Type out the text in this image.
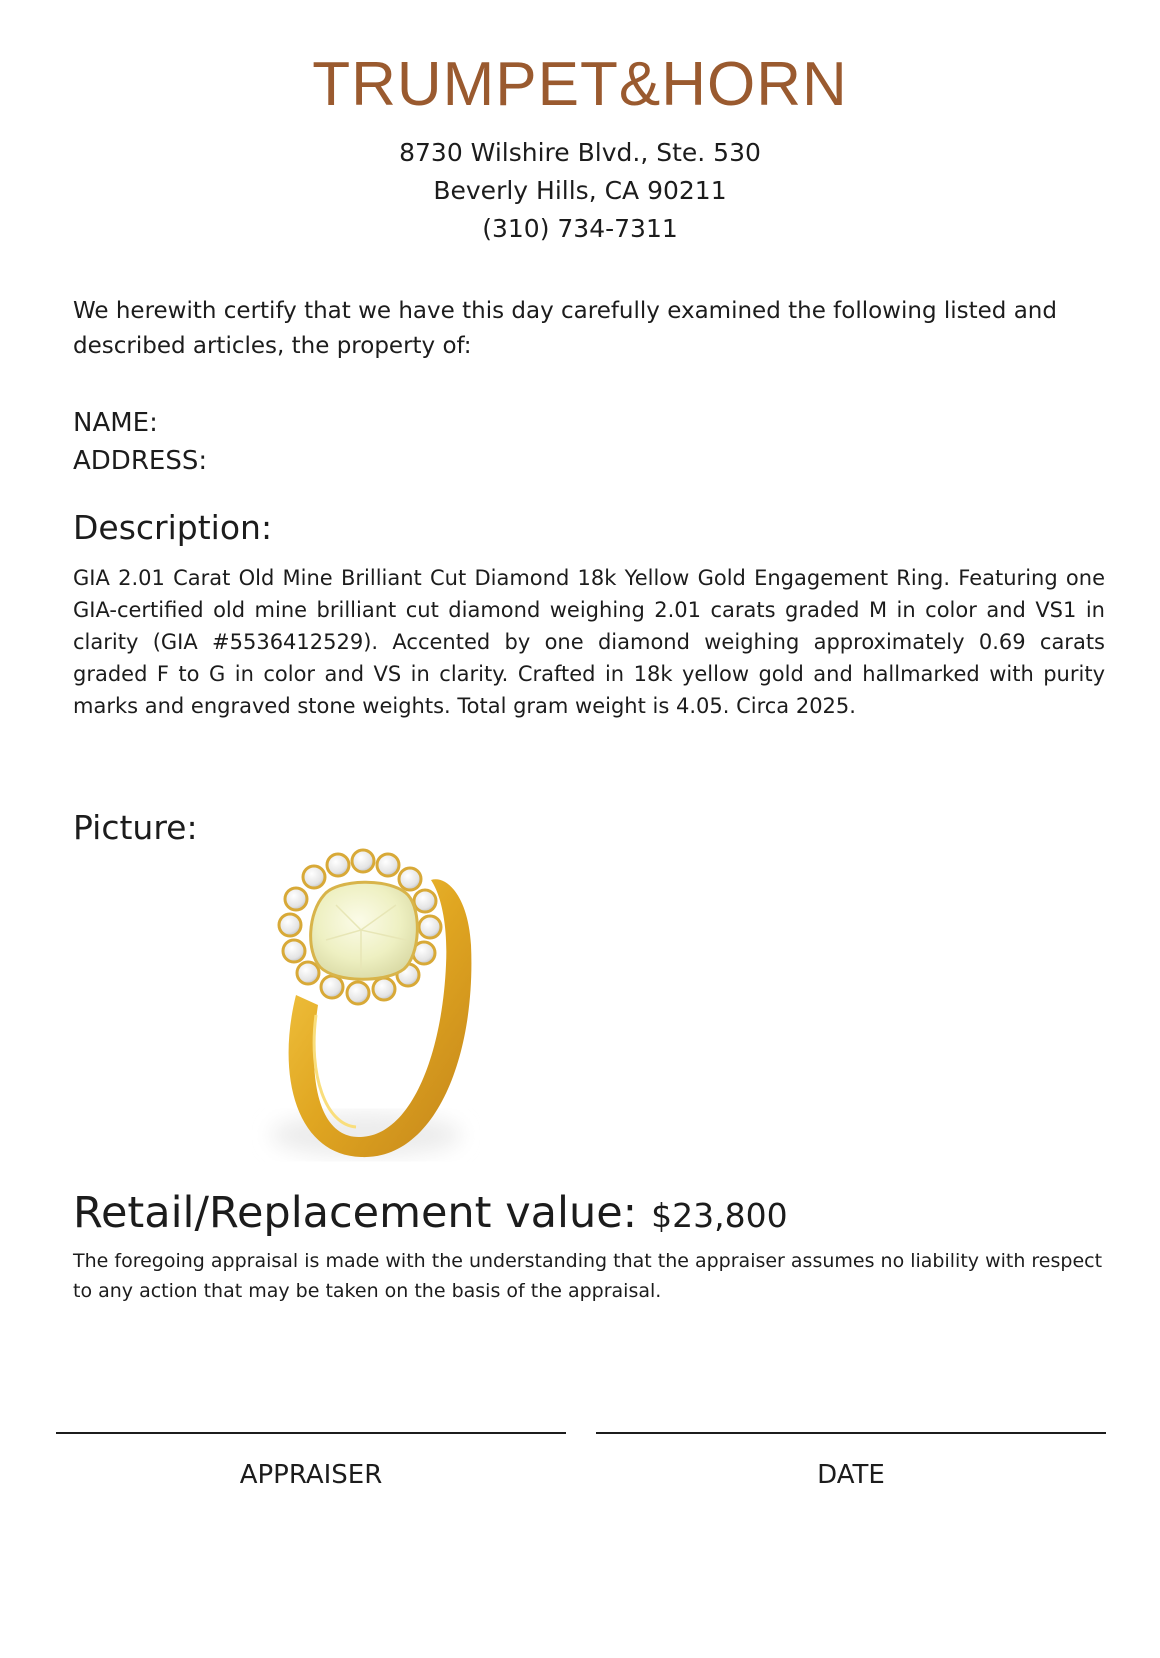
TRUMPET&HORN
8730 Wilshire Blvd., Ste. 530
Beverly Hills, CA 90211
(310) 734-7311
We herewith certify that we have this day carefully examined the following listed and described articles, the property of:
NAME:
ADDRESS:
Description:
GIA 2.01 Carat Old Mine Brilliant Cut Diamond 18k Yellow Gold Engagement Ring. Featuring one GIA-certified old mine brilliant cut diamond weighing 2.01 carats graded M in color and VS1 in clarity (GIA #5536412529). Accented by one diamond weighing approximately 0.69 carats graded F to G in color and VS in clarity. Crafted in 18k yellow gold and hallmarked with purity marks and engraved stone weights. Total gram weight is 4.05. Circa 2025.
Picture:
Retail/Replacement value: $23,800
The foregoing appraisal is made with the understanding that the appraiser assumes no liability with respect to any action that may be taken on the basis of the appraisal.
APPRAISER	DATE
